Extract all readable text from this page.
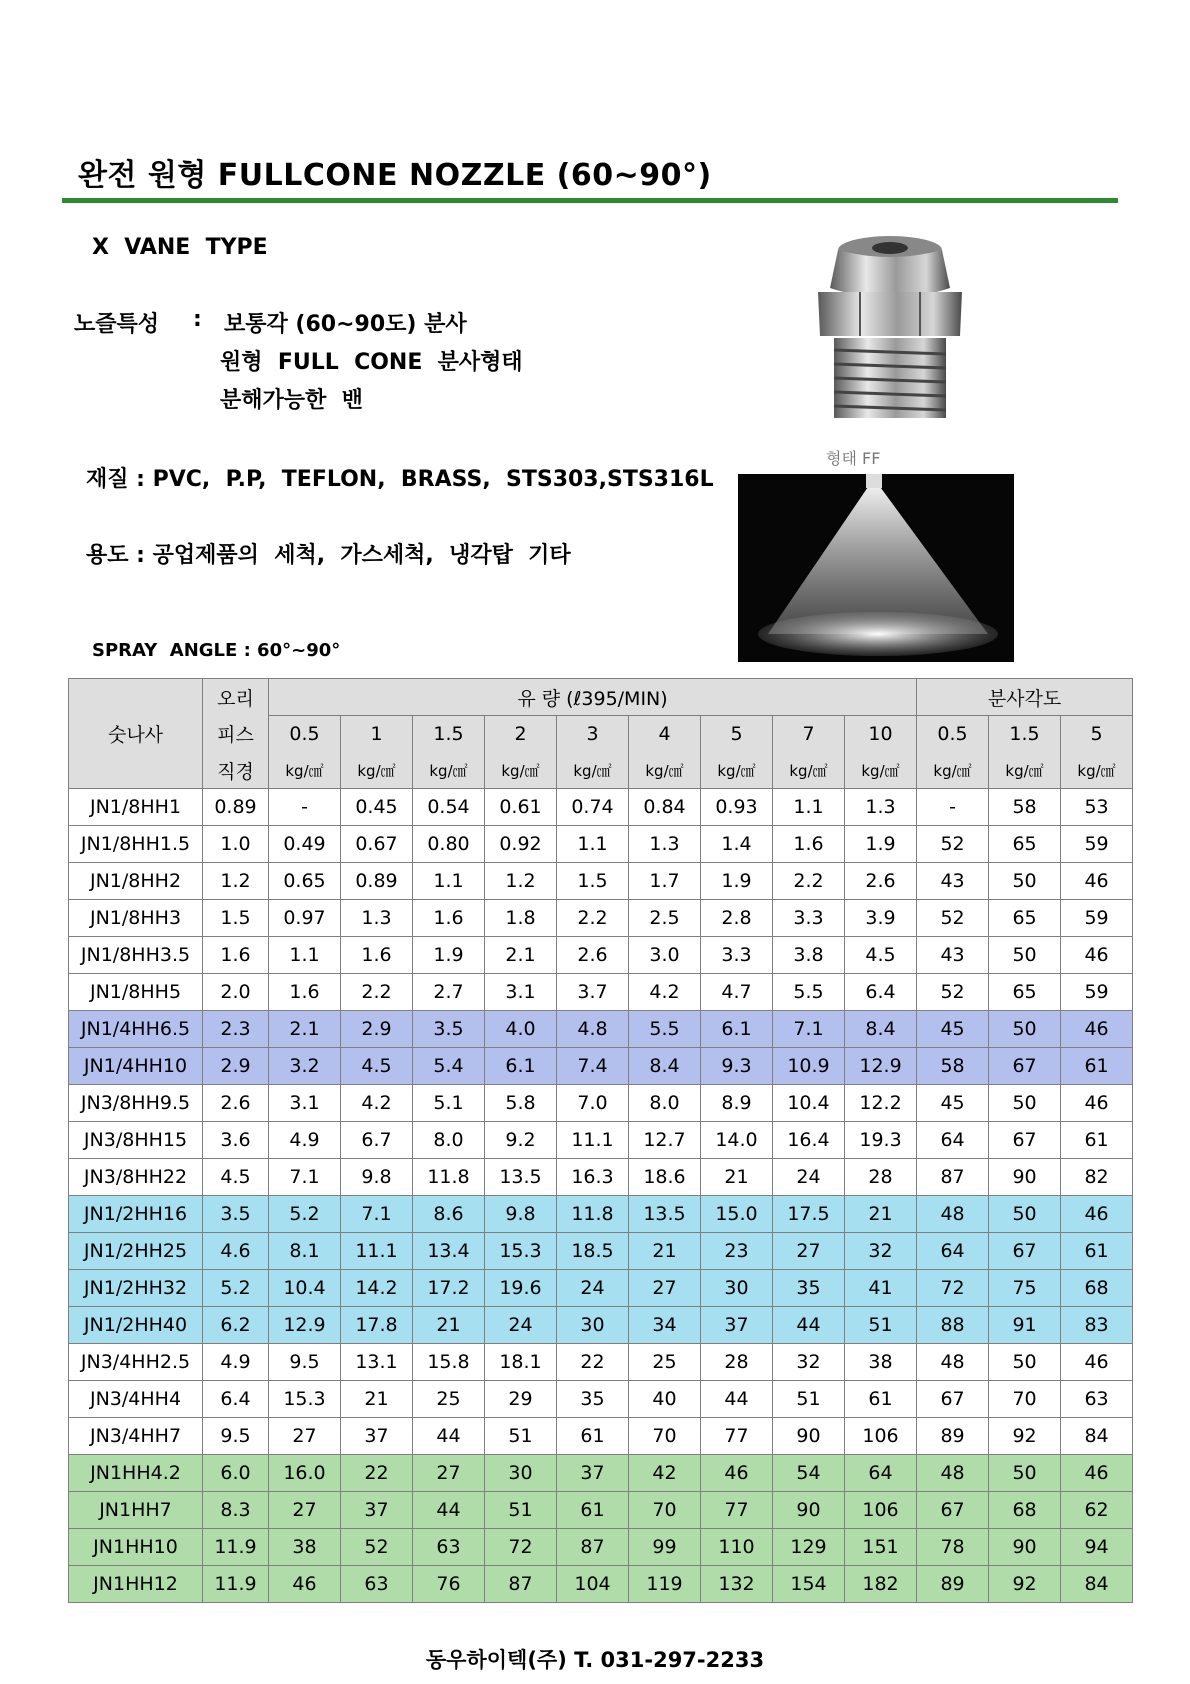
완전 원형 FULLCONE NOZZLE (60~90°)
X  VANE  TYPE
노즐특성 : 보통각 (60~90도) 분사
원형  FULL  CONE  분사형태
분해가능한  밴
재질 : PVC,  P.P,  TEFLON,  BRASS,  STS303,STS316L
용도 : 공업제품의  세척,  가스세척,  냉각탑  기타
형태 FF
SPRAY  ANGLE : 60°~90°
숫나사	오리	유 량 (ℓ395/MIN)									분사각도		
	피스	0.5	1	1.5	2	3	4	5	7	10	0.5	1.5	5
	직경	kg/㎠	kg/㎠	kg/㎠	kg/㎠	kg/㎠	kg/㎠	kg/㎠	kg/㎠	kg/㎠	kg/㎠	kg/㎠	kg/㎠
JN1/8HH1	0.89	-	0.45	0.54	0.61	0.74	0.84	0.93	1.1	1.3	-	58	53
JN1/8HH1.5	1.0	0.49	0.67	0.80	0.92	1.1	1.3	1.4	1.6	1.9	52	65	59
JN1/8HH2	1.2	0.65	0.89	1.1	1.2	1.5	1.7	1.9	2.2	2.6	43	50	46
JN1/8HH3	1.5	0.97	1.3	1.6	1.8	2.2	2.5	2.8	3.3	3.9	52	65	59
JN1/8HH3.5	1.6	1.1	1.6	1.9	2.1	2.6	3.0	3.3	3.8	4.5	43	50	46
JN1/8HH5	2.0	1.6	2.2	2.7	3.1	3.7	4.2	4.7	5.5	6.4	52	65	59
JN1/4HH6.5	2.3	2.1	2.9	3.5	4.0	4.8	5.5	6.1	7.1	8.4	45	50	46
JN1/4HH10	2.9	3.2	4.5	5.4	6.1	7.4	8.4	9.3	10.9	12.9	58	67	61
JN3/8HH9.5	2.6	3.1	4.2	5.1	5.8	7.0	8.0	8.9	10.4	12.2	45	50	46
JN3/8HH15	3.6	4.9	6.7	8.0	9.2	11.1	12.7	14.0	16.4	19.3	64	67	61
JN3/8HH22	4.5	7.1	9.8	11.8	13.5	16.3	18.6	21	24	28	87	90	82
JN1/2HH16	3.5	5.2	7.1	8.6	9.8	11.8	13.5	15.0	17.5	21	48	50	46
JN1/2HH25	4.6	8.1	11.1	13.4	15.3	18.5	21	23	27	32	64	67	61
JN1/2HH32	5.2	10.4	14.2	17.2	19.6	24	27	30	35	41	72	75	68
JN1/2HH40	6.2	12.9	17.8	21	24	30	34	37	44	51	88	91	83
JN3/4HH2.5	4.9	9.5	13.1	15.8	18.1	22	25	28	32	38	48	50	46
JN3/4HH4	6.4	15.3	21	25	29	35	40	44	51	61	67	70	63
JN3/4HH7	9.5	27	37	44	51	61	70	77	90	106	89	92	84
JN1HH4.2	6.0	16.0	22	27	30	37	42	46	54	64	48	50	46
JN1HH7	8.3	27	37	44	51	61	70	77	90	106	67	68	62
JN1HH10	11.9	38	52	63	72	87	99	110	129	151	78	90	94
JN1HH12	11.9	46	63	76	87	104	119	132	154	182	89	92	84
동우하이텍(주) T. 031-297-2233
